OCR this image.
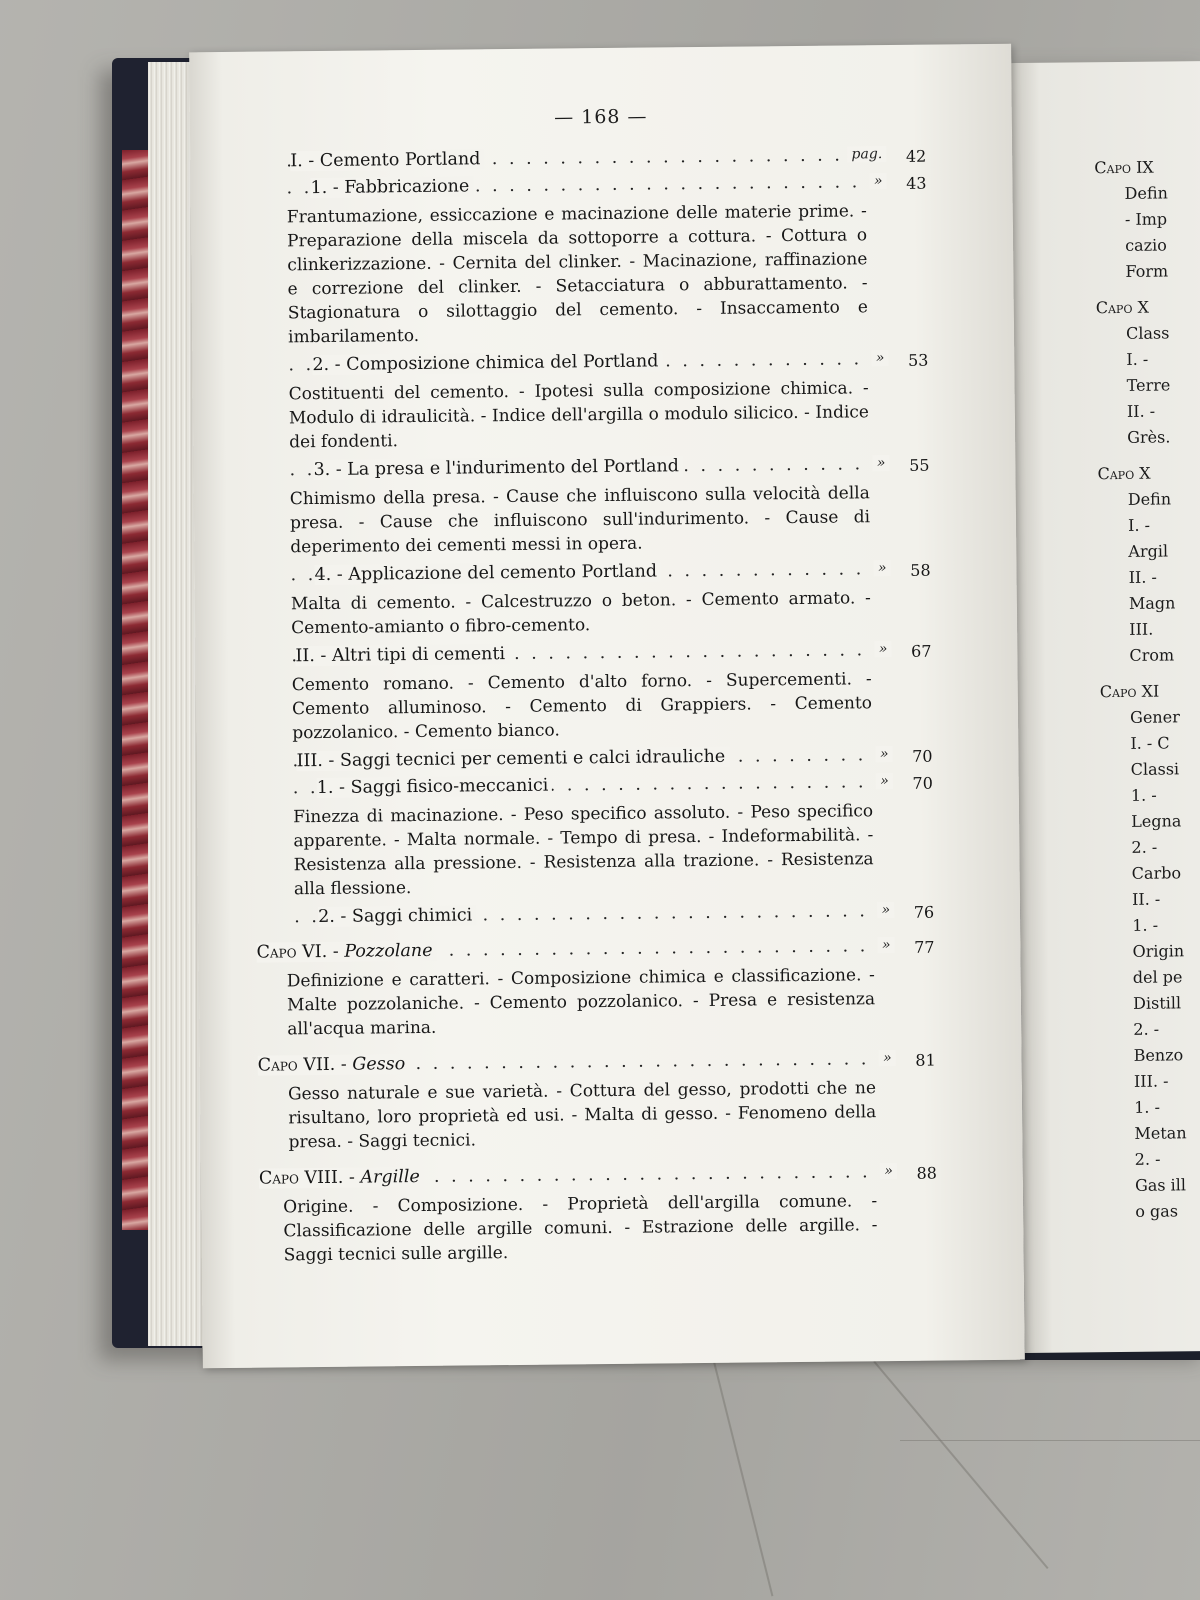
Capo IX
Defin
- Imp
cazio
Form
Capo X
Class
I. -
Terre
II. -
Grès.
Capo X
Defin
I. -
Argil
II. -
Magn
III.
Crom
Capo XI
Gener
I. - C
Classi
1. -
Legna
2. -
Carbo
II. -
1. -
Origin
del pe
Distill
2. -
Benzo
III. -
1. -
Metan
2. -
Gas ill
o gas
— 168 —
. . .
I. - Cemento Portland	pag.	42
. . .
1. - Fabbricazione	»	43

Frantumazione, essiccazione e macinazione delle materie prime. - Preparazione della miscela da sottoporre a cottura. - Cottura o clinkerizzazione. - Cernita del clinker. - Macinazione, raffinazione e correzione del clinker. - Setacciatura o abburattamento. - Stagionatura o silottaggio del cemento. - Insaccamento e imbarilamento.

. . .
2. - Composizione chimica del Portland	»	53

Costituenti del cemento. - Ipotesi sulla composizione chimica. - Modulo di idraulicità. - Indice dell'argilla o modulo silicico. - Indice dei fondenti.

. . .
3. - La presa e l'indurimento del Portland	»	55

Chimismo della presa. - Cause che influiscono sulla velocità della presa. - Cause che influiscono sull'indurimento. - Cause di deperimento dei cementi messi in opera.

. . .
4. - Applicazione del cemento Portland	»	58

Malta di cemento. - Calcestruzzo o beton. - Cemento armato. - Cemento-amianto o fibro-cemento.

. . .
II. - Altri tipi di cementi	»	67

Cemento romano. - Cemento d'alto forno. - Supercementi. - Cemento alluminoso. - Cemento di Grappiers. - Cemento pozzolanico. - Cemento bianco.

. . .
III. - Saggi tecnici per cementi e calci idrauliche	»	70
. . .
1. - Saggi fisico-meccanici	»	70

Finezza di macinazione. - Peso specifico assoluto. - Peso specifico apparente. - Malta normale. - Tempo di presa. - Indeformabilità. - Resistenza alla pressione. - Resistenza alla trazione. - Resistenza alla flessione.

. . .
2. - Saggi chimici	»	76
. . .
Capo VI. - Pozzolane	»	77

Definizione e caratteri. - Composizione chimica e classificazione. - Malte pozzolaniche. - Cemento pozzolanico. - Presa e resistenza all'acqua marina.

. . .
Capo VII. - Gesso	»	81

Gesso naturale e sue varietà. - Cottura del gesso, prodotti che ne risultano, loro proprietà ed usi. - Malta di gesso. - Fenomeno della presa. - Saggi tecnici.

. . .
Capo VIII. - Argille	»	88

Origine. - Composizione. - Proprietà dell'argilla comune. - Classificazione delle argille comuni. - Estrazione delle argille. - Saggi tecnici sulle argille.
